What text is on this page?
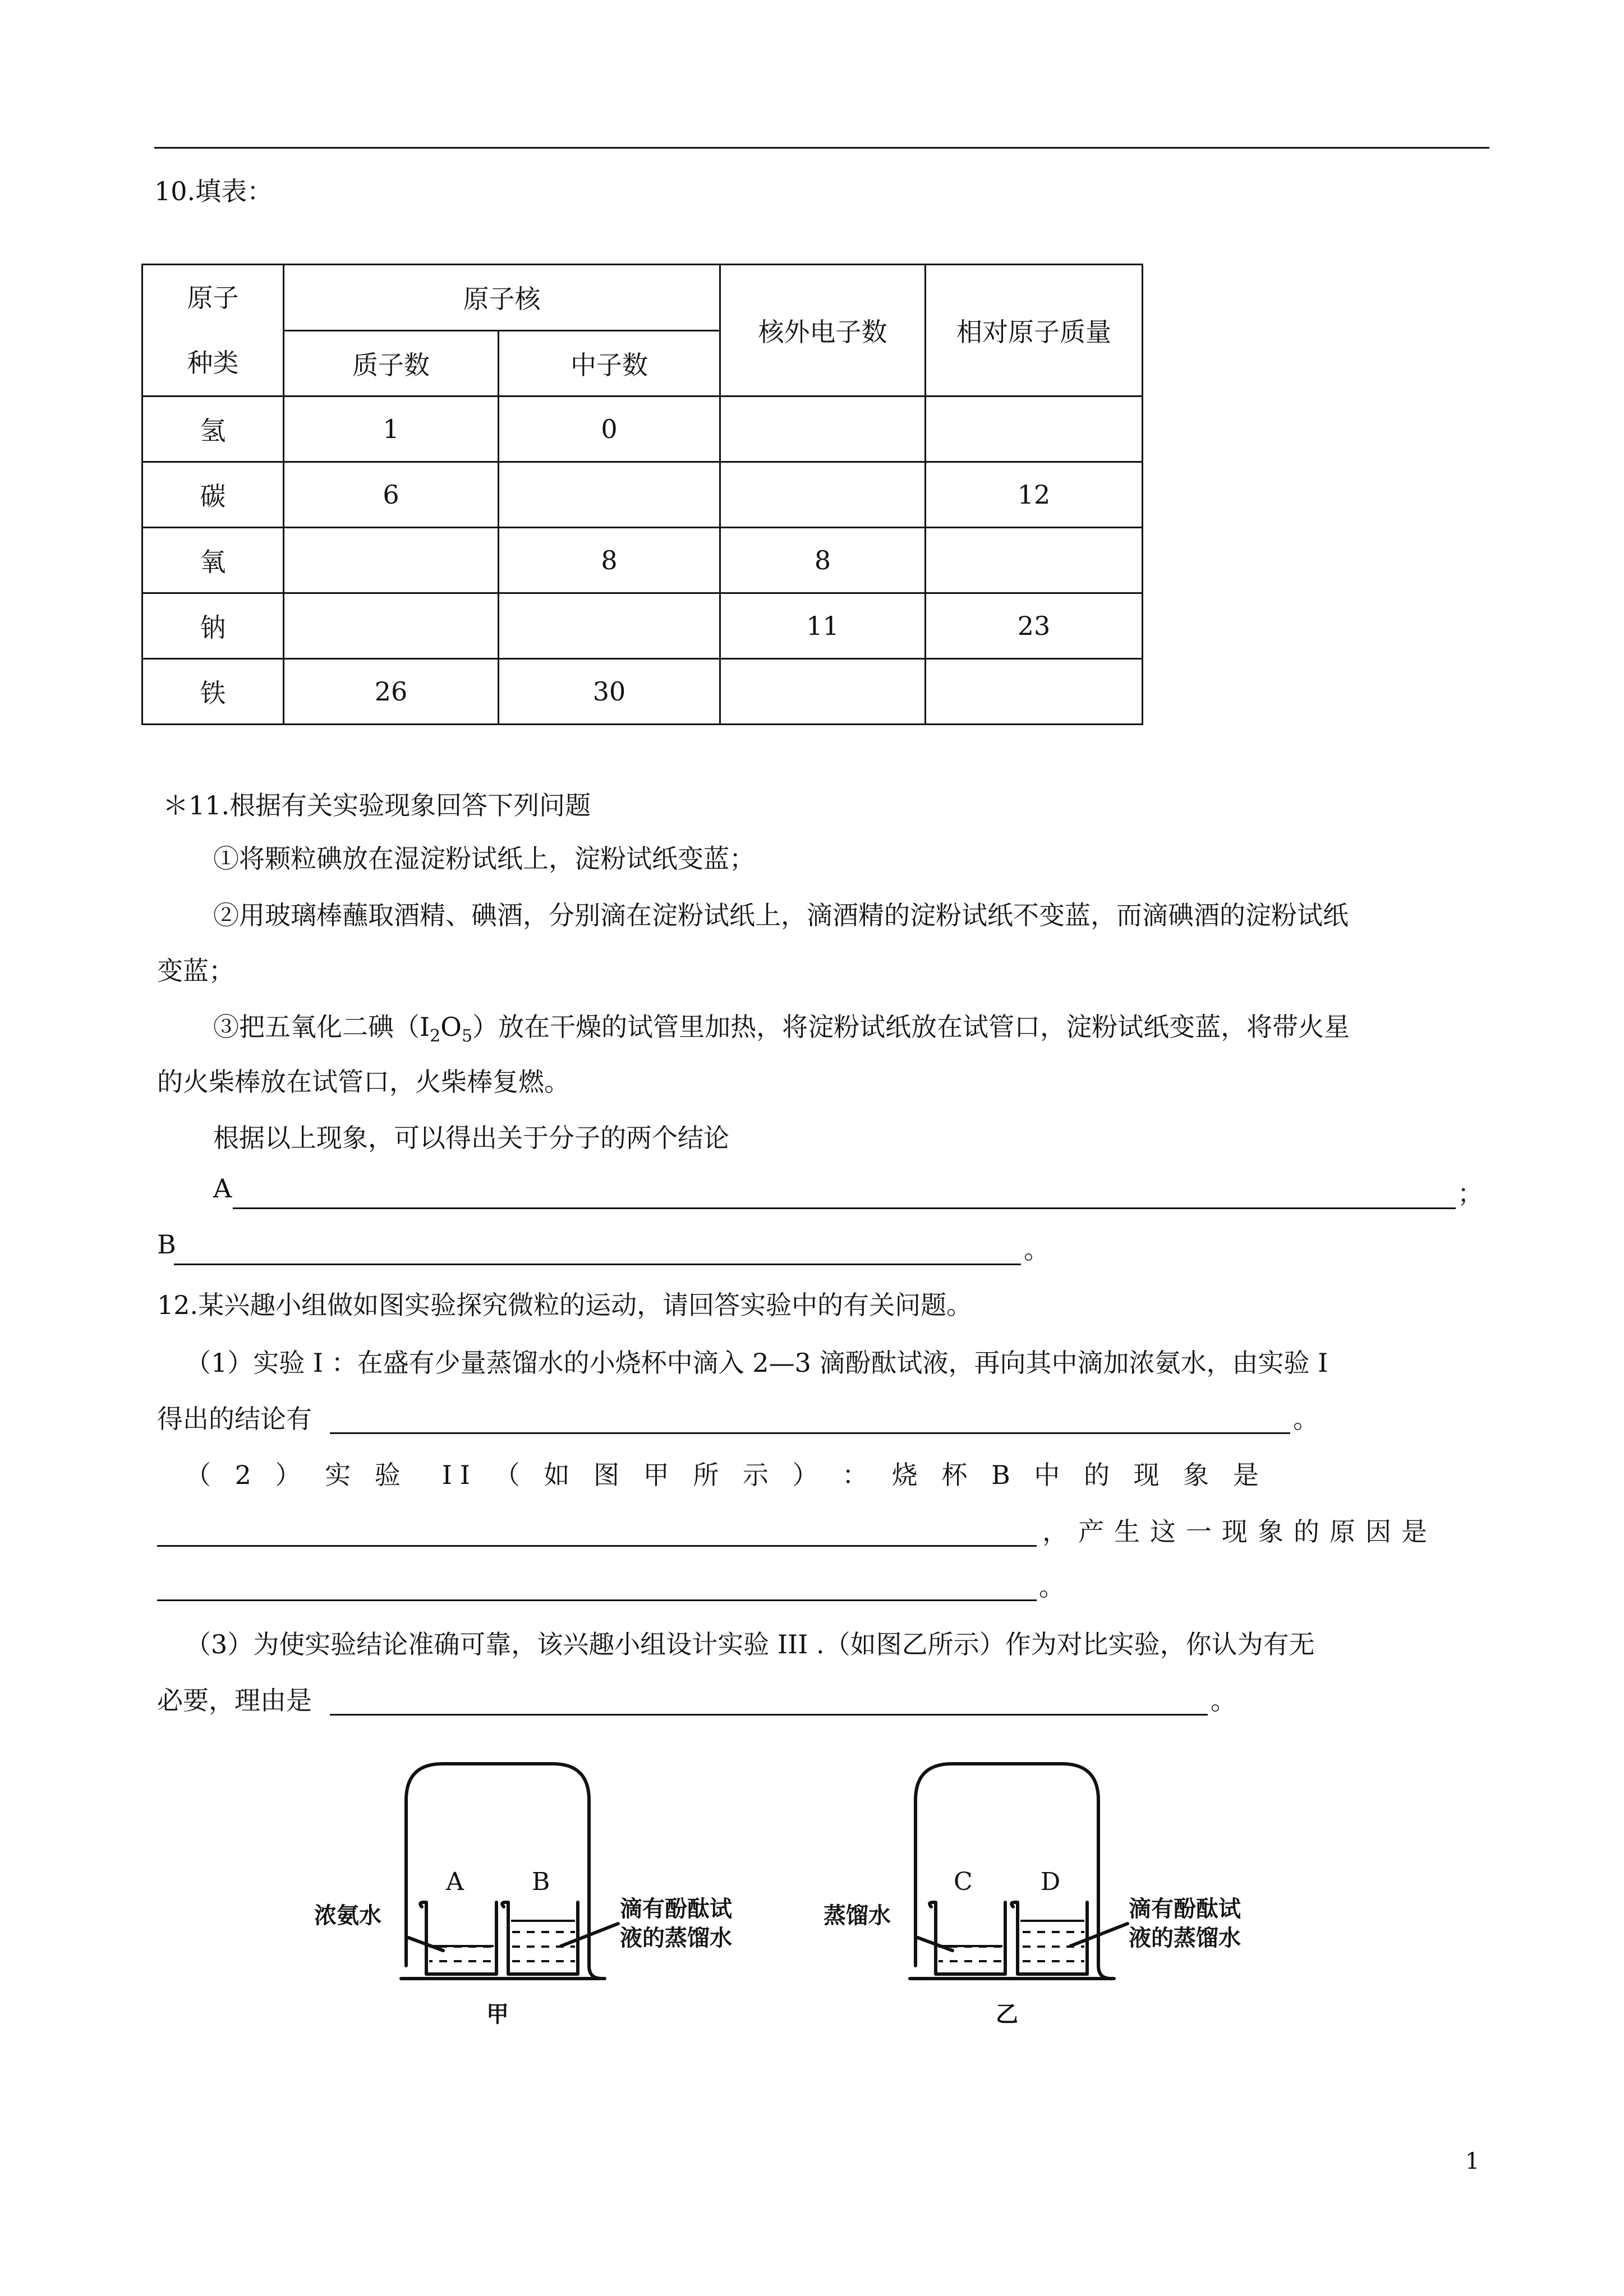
10.填表：
原子
种类	原子核		核外电子数	相对原子质量
	质子数	中子数		
氢	1	0		
碳	6			12
氧		8	8	
钠			11	23
铁	26	30		
＊11.根据有关实验现象回答下列问题
①将颗粒碘放在湿淀粉试纸上，淀粉试纸变蓝；
②用玻璃棒蘸取酒精、碘酒，分别滴在淀粉试纸上，滴酒精的淀粉试纸不变蓝，而滴碘酒的淀粉试纸
变蓝；
③把五氧化二碘$(I_2O_5)$放在干燥的试管里加热，将淀粉试纸放在试管口，淀粉试纸变蓝，将带火星
的火柴棒放在试管口，火柴棒复燃。
根据以上现象，可以得出关于分子的两个结论
A	；
B	。
12.某兴趣小组做如图实验探究微粒的运动，请回答实验中的有关问题。
（1）实验 I ：在盛有少量蒸馏水的小烧杯中滴入 2—3 滴酚酞试液，再向其中滴加浓氨水，由实验 I
得出的结论有	。
（ 2 ） 实 验　II （ 如 图 甲 所 示 ） ： 烧 杯 B 中 的 现 象 是
，产生这一现象的原因是
。
（3）为使实验结论准确可靠，该兴趣小组设计实验 III .（如图乙所示）作为对比实验，你认为有无
必要，理由是	。
A	B
浓氨水	滴有酚酞试
液的蒸馏水
甲
C	D
蒸馏水	滴有酚酞试
液的蒸馏水
乙
1
